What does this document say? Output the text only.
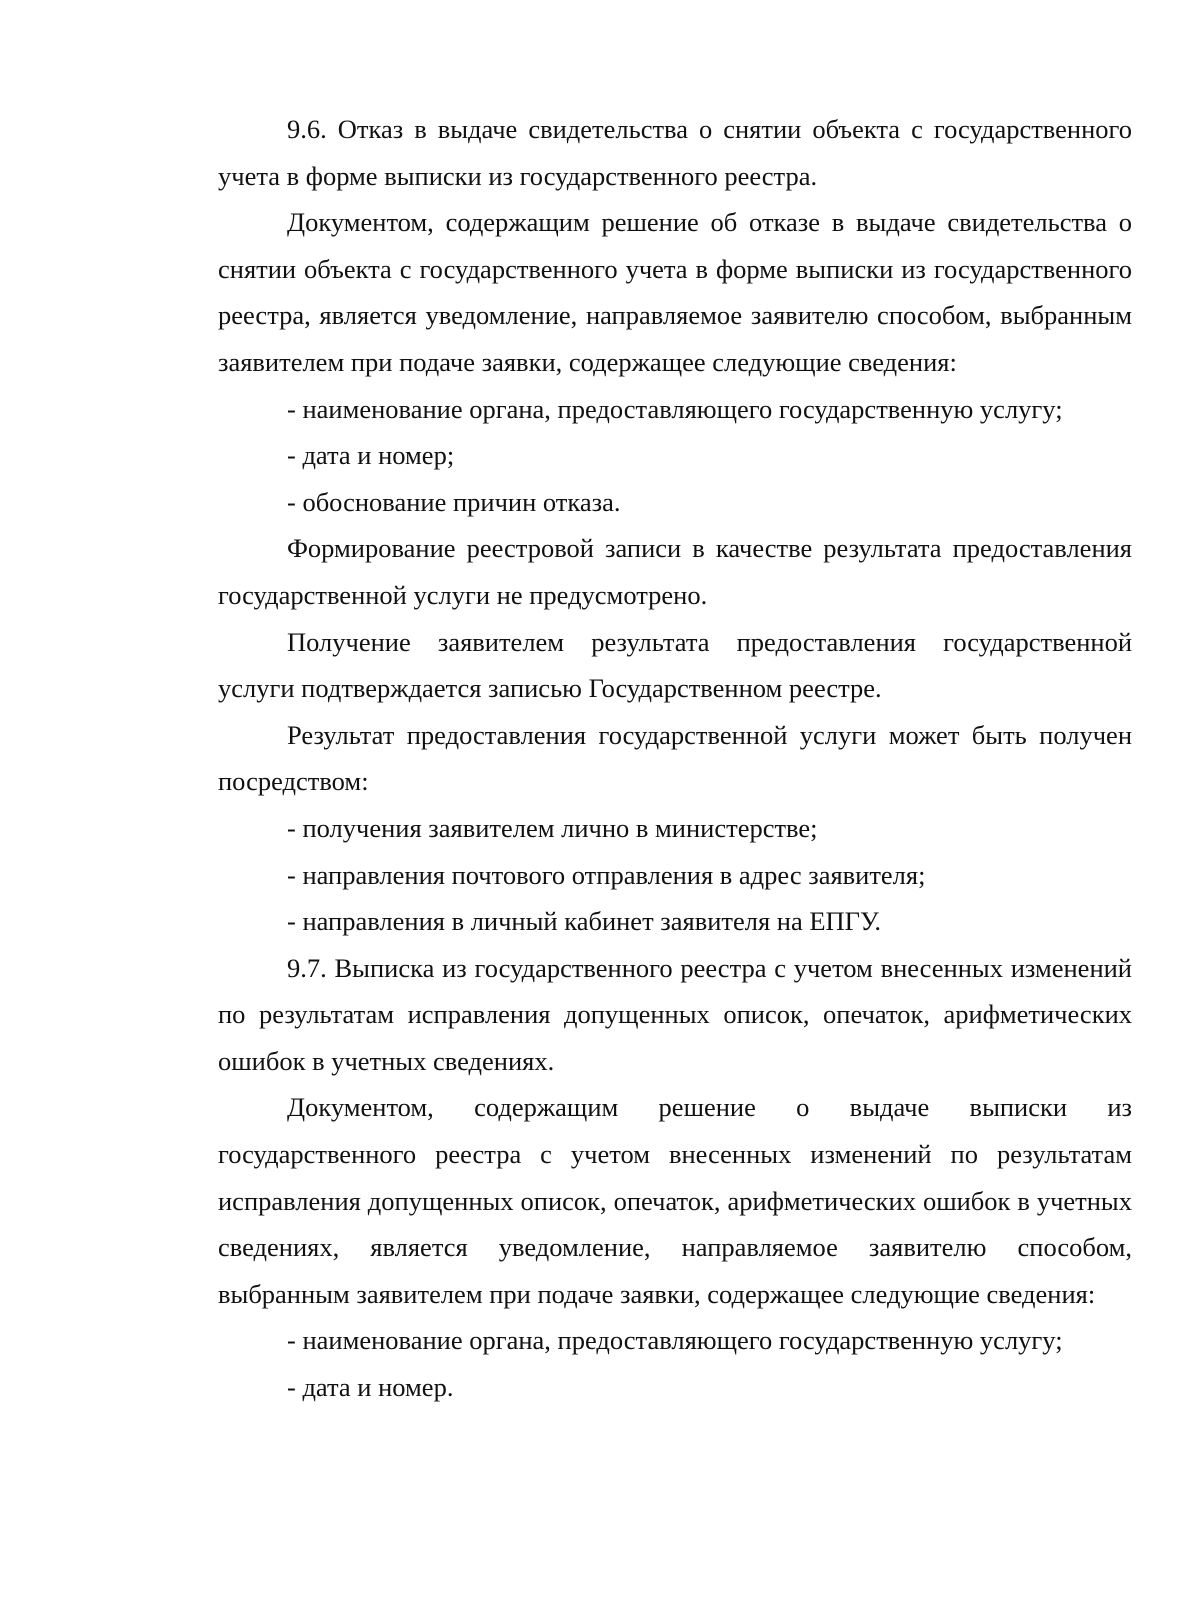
9.6. Отказ в выдаче свидетельства о снятии объекта с государственного учета в форме выписки из государственного реестра.

Документом, содержащим решение об отказе в выдаче свидетельства о снятии объекта с государственного учета в форме выписки из государственного реестра, является уведомление, направляемое заявителю способом, выбранным заявителем при подаче заявки, содержащее следующие сведения:

- наименование органа, предоставляющего государственную услугу;

- дата и номер;

- обоснование причин отказа.

Формирование реестровой записи в качестве результата предоставления государственной услуги не предусмотрено.

Получение заявителем результата предоставления государственной услуги подтверждается записью Государственном реестре.

Результат предоставления государственной услуги может быть получен посредством:

- получения заявителем лично в министерстве;

- направления почтового отправления в адрес заявителя;

- направления в личный кабинет заявителя на ЕПГУ.

9.7. Выписка из государственного реестра с учетом внесенных изменений по результатам исправления допущенных описок, опечаток, арифметических ошибок в учетных сведениях.

Документом, содержащим решение о выдаче выписки из государственного реестра с учетом внесенных изменений по результатам исправления допущенных описок, опечаток, арифметических ошибок в учетных сведениях, является уведомление, направляемое заявителю способом, выбранным заявителем при подаче заявки, содержащее следующие сведения:

- наименование органа, предоставляющего государственную услугу;

- дата и номер.
